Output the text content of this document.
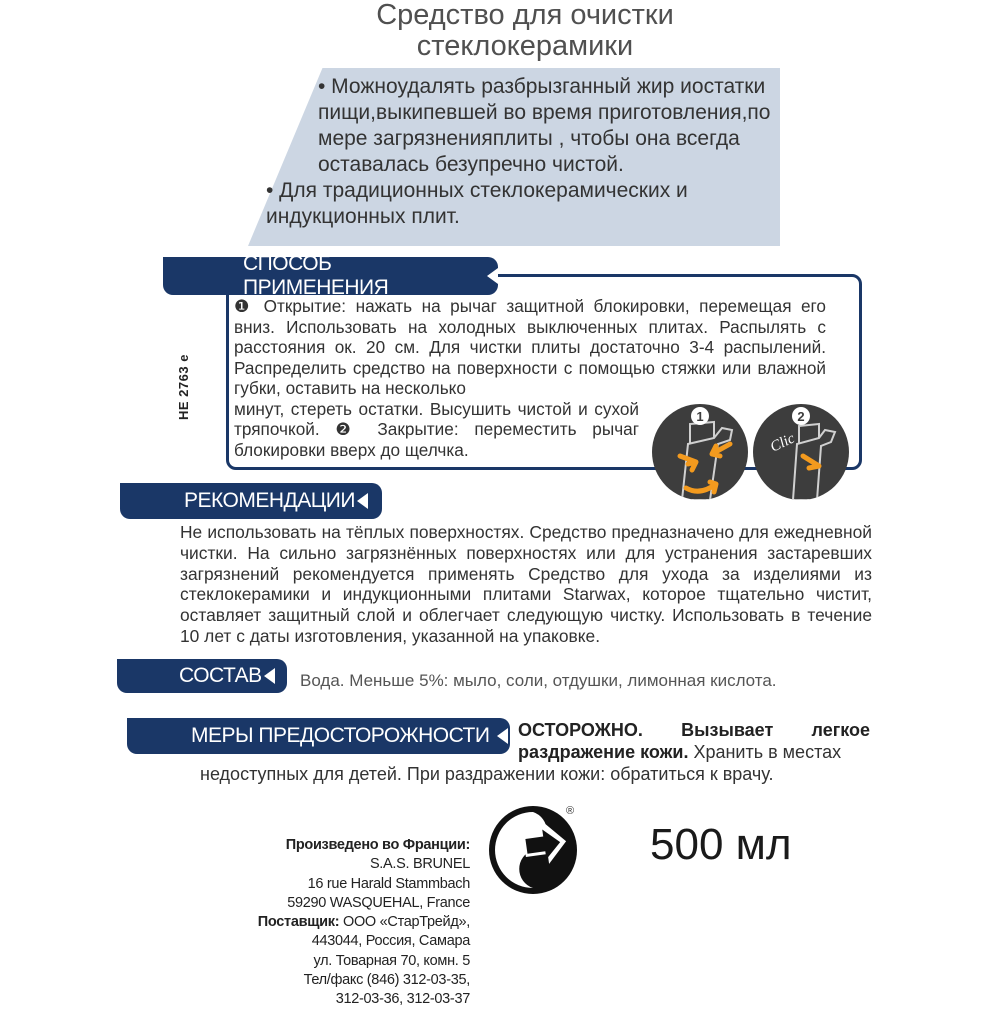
Средство для очистки
стеклокерамики

• Можноудалять разбрызганный жир иостатки пищи,выкипевшей во время приготовления,по мере загрязненияплиты , чтобы она всегда оставалась безупречно чистой.

• Для традиционных стеклокерамических и индукционных плит.

СПОСОБ ПРИМЕНЕНИЯ

❶ Открытие: нажать на рычаг защитной блокировки, перемещая его вниз. Использовать на холодных выключенных плитах. Распылять с расстояния ок. 20 см. Для чистки плиты достаточно 3-4 распылений. Распределить средство на поверхности с помощью стяжки или влажной губки, оставить на несколько

минут, стереть остатки. Высушить чистой и сухой тряпочкой. ❷ Закрытие: переместить рычаг блокировки вверх до щелчка.

HE 2763 e	1
Clic
2
РЕКОМЕНДАЦИИ

Не использовать на тёплых поверхностях. Средство предназначено для ежедневной чистки. На сильно загрязнённых поверхностях или для устранения застаревших загрязнений рекомендуется применять Средство для ухода за изделиями из стеклокерамики и индукционными плитами Starwax, которое тщательно чистит, оставляет защитный слой и облегчает следующую чистку. Использовать в течение 10 лет с даты изготовления, указанной на упаковке.

СОСТАВ Вода. Меньше 5%: мыло, соли, отдушки, лимонная кислота.
МЕРЫ ПРЕДОСТОРОЖНОСТИ ОСТОРОЖНО. Вызывает легкое раздражение кожи. Хранить в местах
недоступных для детей. При раздражении кожи: обратиться к врачу.

Произведено во Франции:

S.A.S. BRUNEL

16 rue Harald Stammbach

59290 WASQUEHAL, France

Поставщик: ООО «СтарТрейд»,

443044, Россия, Самара

ул. Товарная 70, комн. 5

Тел/факс (846) 312-03-35,

312-03-36, 312-03-37

®
500 мл
